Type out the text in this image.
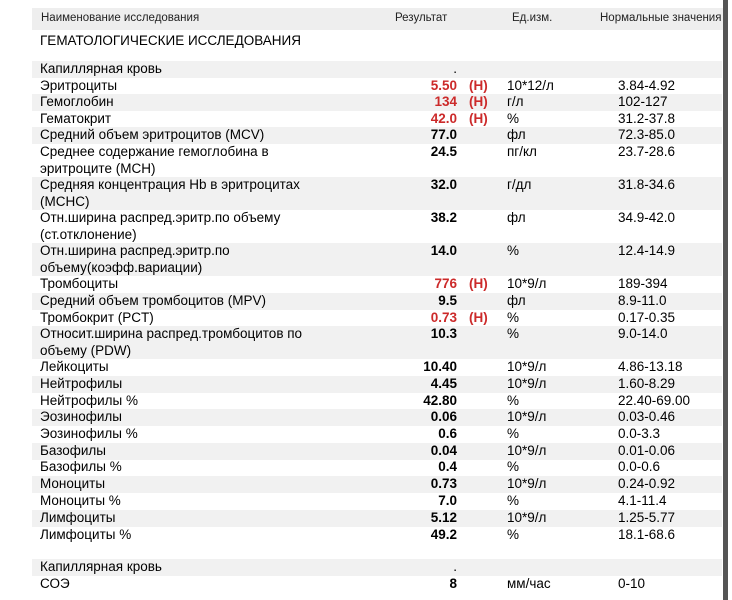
Наименование исследования	Результат	Ед.изм.	Нормальные значения
ГЕМАТОЛОГИЧЕСКИЕ ИССЛЕДОВАНИЯ
Капиллярная кровь	.
Эритроциты	5.50 (Н) 10*12/л	3.84-4.92
Гемоглобин	134 (Н) г/л	102-127
Гематокрит	42.0 (Н) %	31.2-37.8
Средний объем эритроцитов (MCV)	77.0	фл	72.3-85.0
Среднее содержание гемоглобина в
эритроците (MCH)
24.5	пг/кл	23.7-28.6
Средняя концентрация Hb в эритроцитах
(MCHC)
32.0	г/дл	31.8-34.6
Отн.ширина распред.эритр.по объему
(ст.отклонение)
38.2	фл	34.9-42.0
Отн.ширина распред.эритр.по
объему(коэфф.вариации)
14.0	%	12.4-14.9
Тромбоциты	776 (Н) 10*9/л	189-394
Средний объем тромбоцитов (MPV)	9.5	фл	8.9-11.0
Тромбокрит (PCT)	0.73 (Н) %	0.17-0.35
Относит.ширина распред.тромбоцитов по
объему (PDW)
10.3	%	9.0-14.0
Лейкоциты	10.40	10*9/л	4.86-13.18
Нейтрофилы	4.45	10*9/л	1.60-8.29
Нейтрофилы %	42.80	%	22.40-69.00
Эозинофилы	0.06	10*9/л	0.03-0.46
Эозинофилы %	0.6	%	0.0-3.3
Базофилы	0.04	10*9/л	0.01-0.06
Базофилы %	0.4	%	0.0-0.6
Моноциты	0.73	10*9/л	0.24-0.92
Моноциты %	7.0	%	4.1-11.4
Лимфоциты	5.12	10*9/л	1.25-5.77
Лимфоциты %	49.2	%	18.1-68.6
Капиллярная кровь	.
СОЭ	8	мм/час	0-10
